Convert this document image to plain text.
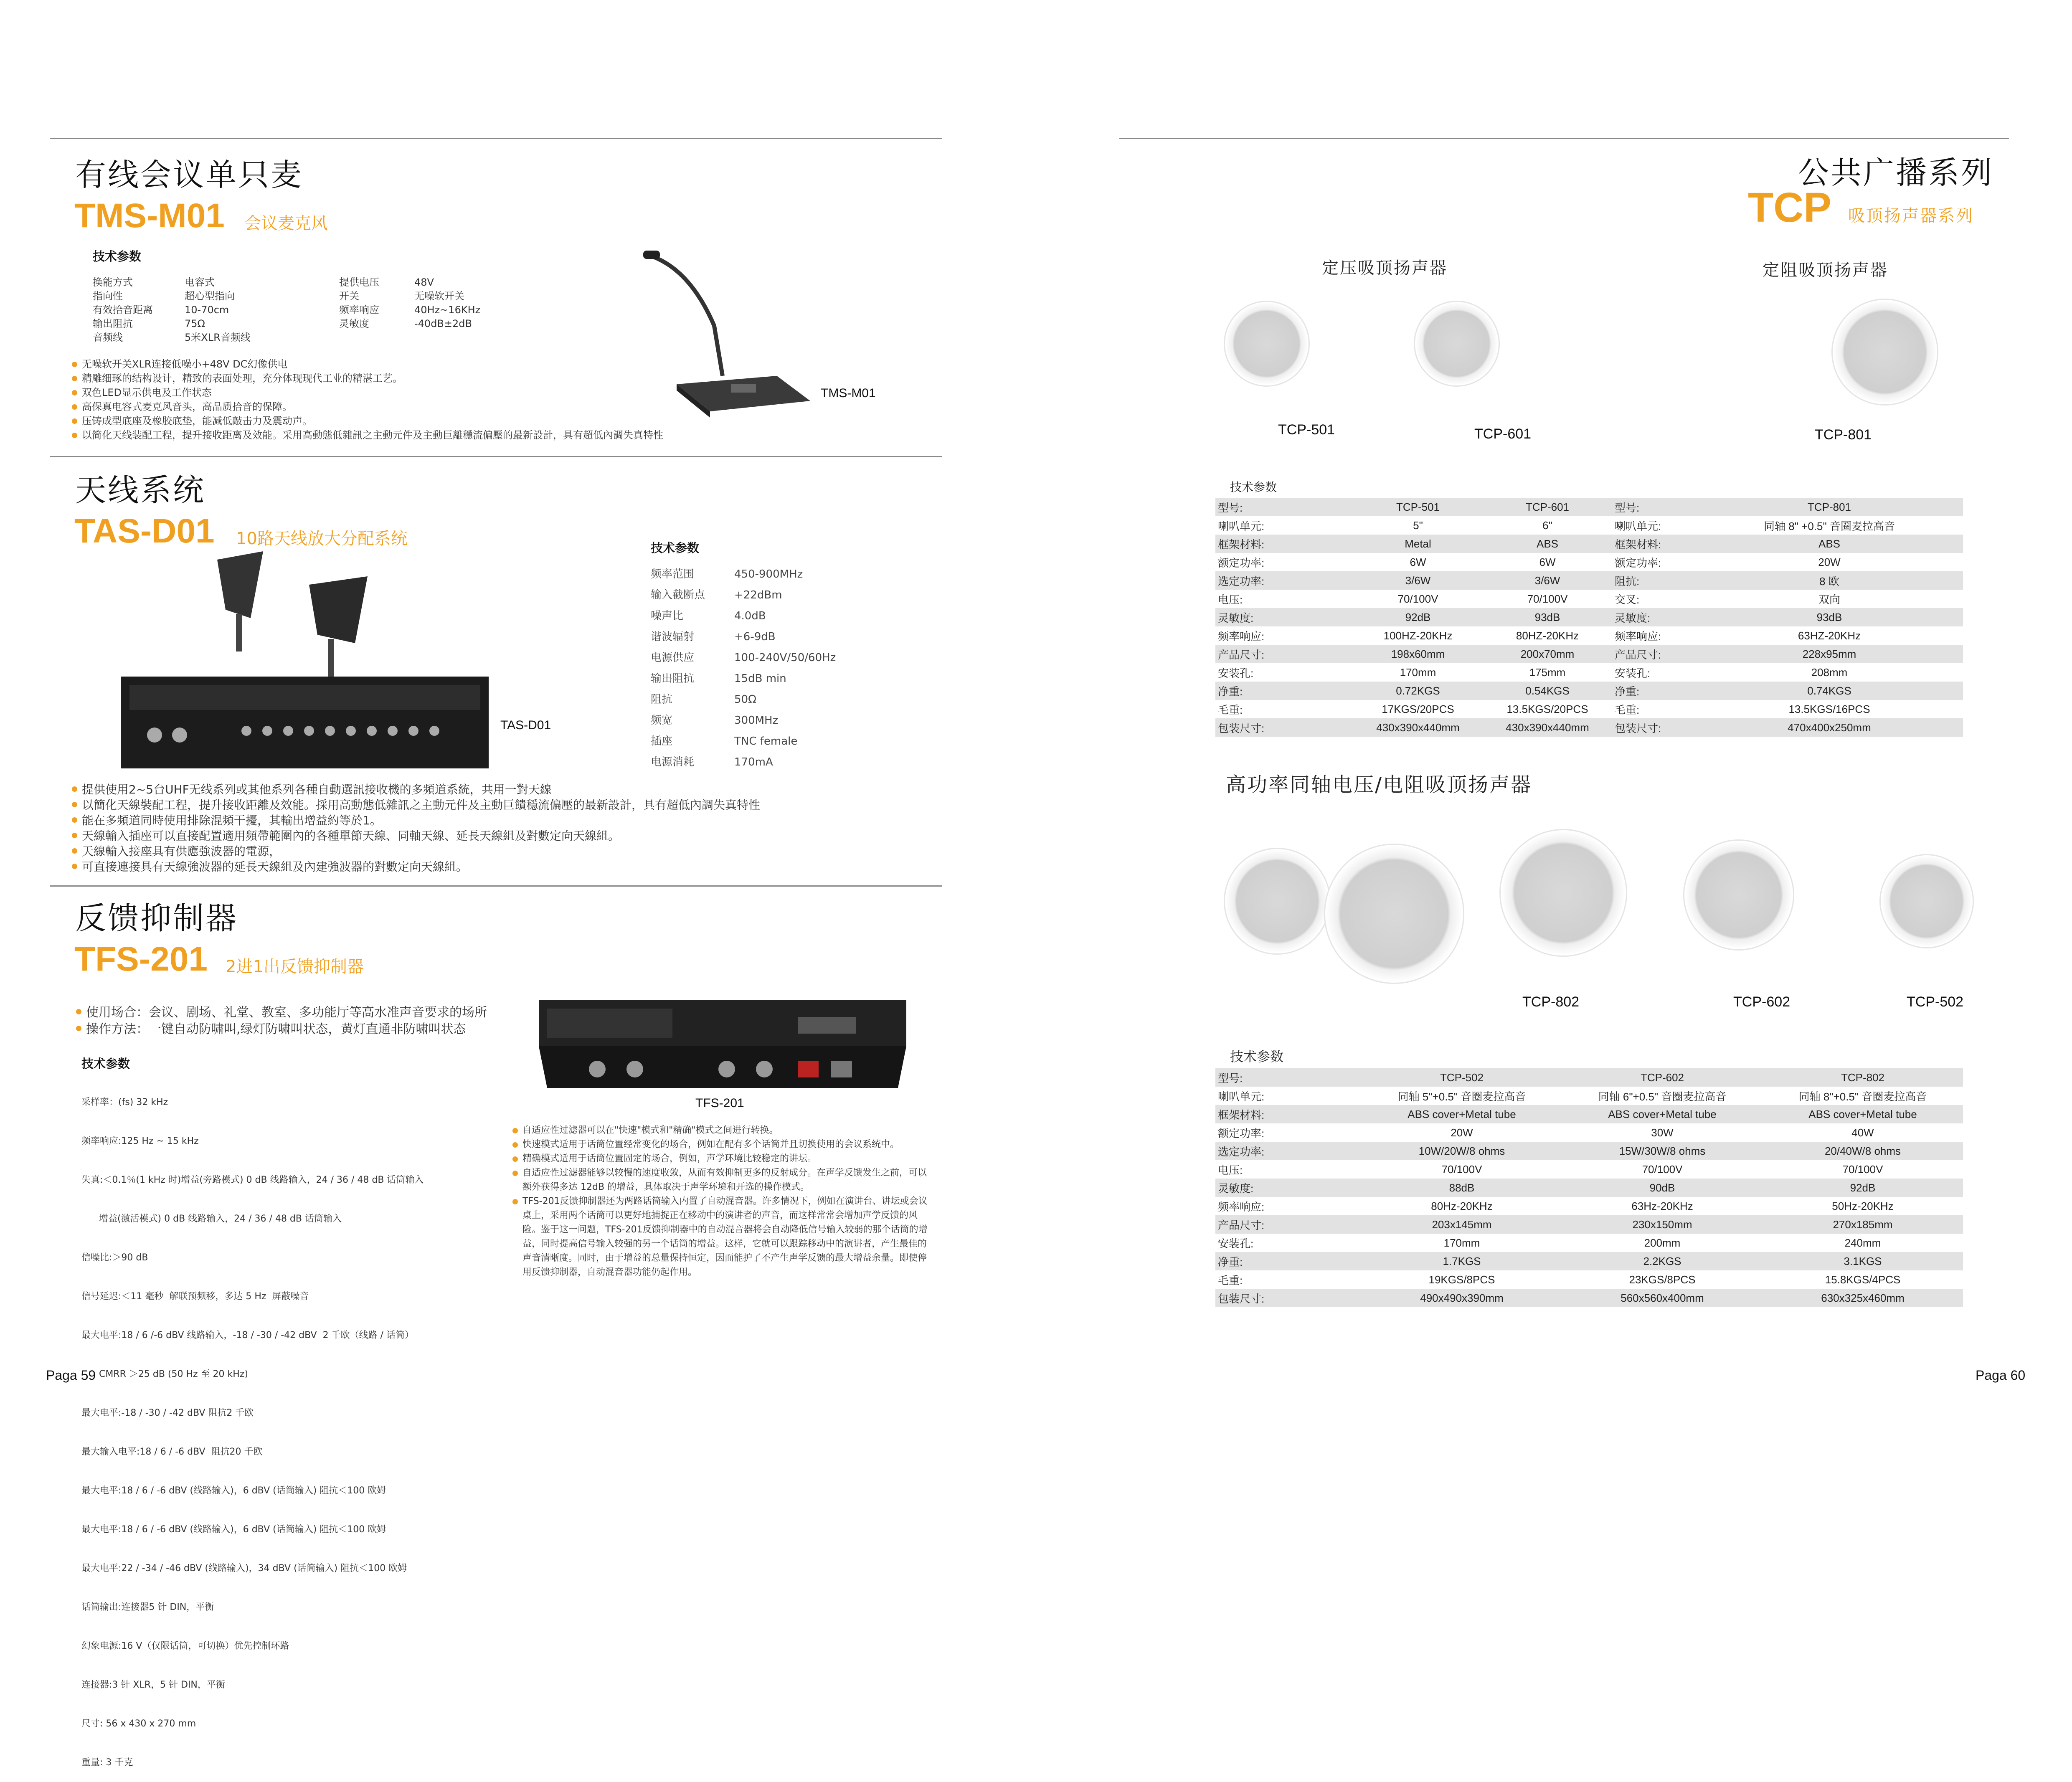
有线会议单只麦
TMS-M01 会议麦克风
技术参数
换能方式	电容式	提供电压	48V
指向性	超心型指向	开关	无噪软开关
有效拾音距离	10-70cm	频率响应	40Hz~16KHz
输出阻抗	75Ω	灵敏度	-40dB±2dB
音频线	5米XLR音频线
无噪软开关XLR连接低噪小+48V DC幻像供电
精雕细琢的结构设计，精致的表面处理，充分体现现代工业的精湛工艺。
双色LED显示供电及工作状态
高保真电容式麦克风音头，高品质拾音的保障。
压铸成型底座及橡胶底垫，能减低敲击力及震动声。
以简化天线装配工程，提升接收距离及效能。采用高動態低雜訊之主動元件及主動巨離穩流偏壓的最新設計，具有超低內調失真特性
TMS-M01
天线系统
TAS-D01 10路天线放大分配系统
TAS-D01
技术参数
频率范围	450-900MHz
输入截断点	+22dBm
噪声比	4.0dB
谐波辐射	+6-9dB
电源供应	100-240V/50/60Hz
输出阻抗	15dB min
阻抗	50Ω
频宽	300MHz
插座	TNC female
电源消耗	170mA
提供使用2~5台UHF无线系列或其他系列各種自動選訊接收機的多頻道系統，共用一對天線
以簡化天線裝配工程，提升接收距離及效能。採用高動態低雜訊之主動元件及主動巨饋穩流偏壓的最新設計，具有超低內調失真特性
能在多頻道同時使用排除混頻干擾，其輸出增益約等於1。
天線輸入插座可以直接配置適用頻帶範圍內的各種單節天線、同軸天線、延長天線組及對數定向天線組。
天線輸入接座具有供應強波器的電源，
可直接連接具有天線強波器的延長天線組及內建強波器的對數定向天線組。
反馈抑制器
TFS-201 2进1出反馈抑制器
使用场合：会议、剧场、礼堂、教室、多功能厅等高水准声音要求的场所
操作方法：一键自动防啸叫,绿灯防啸叫状态，黄灯直通非防啸叫状态
技术参数

采样率：(fs) 32 kHz

频率响应:125 Hz ~ 15 kHz

失真:＜0.1％(1 kHz 时)增益(旁路模式) 0 dB 线路输入，24 / 36 / 48 dB 话筒输入

增益(激活模式) 0 dB 线路输入，24 / 36 / 48 dB 话筒输入

信噪比:＞90 dB

信号延迟:＜11 毫秒  解联预频移，多达 5 Hz  屏蔽噪音

最大电平:18 / 6 /-6 dBV 线路输入，-18 / -30 / -42 dBV  2 千欧（线路 / 话筒）

CMRR ＞25 dB (50 Hz 至 20 kHz)

最大电平:-18 / -30 / -42 dBV 阻抗2 千欧

最大输入电平:18 / 6 / -6 dBV  阻抗20 千欧

最大电平:18 / 6 / -6 dBV (线路输入)，6 dBV (话筒输入) 阻抗＜100 欧姆

最大电平:18 / 6 / -6 dBV (线路输入)，6 dBV (话筒输入) 阻抗＜100 欧姆

最大电平:22 / -34 / -46 dBV (线路输入)，34 dBV (话筒输入) 阻抗＜100 欧姆

话筒输出:连接器5 针 DIN，平衡

幻象电源:16 V（仅限话筒，可切换）优先控制环路

连接器:3 针 XLR，5 针 DIN，平衡

尺寸: 56 x 430 x 270 mm

重量: 3 千克

TFS-201
自适应性过滤器可以在"快速"模式和"精确"模式之间进行转换。
快速模式适用于话筒位置经常变化的场合，例如在配有多个话筒并且切换使用的会议系统中。
精确模式适用于话筒位置固定的场合，例如，声学环境比较稳定的讲坛。
自适应性过滤器能够以较慢的速度收敛，从而有效抑制更多的反射成分。在声学反馈发生之前，可以额外获得多达 12dB 的增益，具体取决于声学环境和开选的操作模式。
TFS-201反馈抑制器还为两路话筒输入内置了自动混音器。许多情况下，例如在演讲台、讲坛或会议桌上，采用两个话筒可以更好地捕捉正在移动中的演讲者的声音，而这样常常会增加声学反馈的风险。鉴于这一问题，TFS-201反馈抑制器中的自动混音器将会自动降低信号输入较弱的那个话筒的增益，同时提高信号输入较强的另一个话筒的增益。这样，它就可以跟踪移动中的演讲者，产生最佳的声音清晰度。同时，由于增益的总量保持恒定，因而能护了不产生声学反馈的最大增益余量。即使停用反馈抑制器，自动混音器功能仍起作用。
Paga 59
公共广播系列
TCP 吸顶扬声器系列
定压吸顶扬声器	定阻吸顶扬声器
TCP-501	TCP-601	TCP-801
技术参数
型号:	TCP-501	TCP-601	型号:	TCP-801
喇叭单元:	5"	6"	喇叭单元:	同轴 8" +0.5" 音圈麦拉高音
框架材料:	Metal	ABS	框架材料:	ABS
额定功率:	6W	6W	额定功率:	20W
选定功率:	3/6W	3/6W	阻抗:	8 欧
电压:	70/100V	70/100V	交叉:	双向
灵敏度:	92dB	93dB	灵敏度:	93dB
频率响应:	100HZ-20KHz	80HZ-20KHz	频率响应:	63HZ-20KHz
产品尺寸:	198x60mm	200x70mm	产品尺寸:	228x95mm
安装孔:	170mm	175mm	安装孔:	208mm
净重:	0.72KGS	0.54KGS	净重:	0.74KGS
毛重:	17KGS/20PCS	13.5KGS/20PCS	毛重:	13.5KGS/16PCS
包装尺寸:	430x390x440mm	430x390x440mm	包装尺寸:	470x400x250mm
高功率同轴电压/电阻吸顶扬声器
TCP-802	TCP-602	TCP-502
技术参数
型号:	TCP-502	TCP-602	TCP-802
喇叭单元:	同轴 5"+0.5" 音圈麦拉高音	同轴 6"+0.5" 音圈麦拉高音	同轴 8"+0.5" 音圈麦拉高音
框架材料:	ABS cover+Metal tube	ABS cover+Metal tube	ABS cover+Metal tube
额定功率:	20W	30W	40W
选定功率:	10W/20W/8 ohms	15W/30W/8 ohms	20/40W/8 ohms
电压:	70/100V	70/100V	70/100V
灵敏度:	88dB	90dB	92dB
频率响应:	80Hz-20KHz	63Hz-20KHz	50Hz-20KHz
产品尺寸:	203x145mm	230x150mm	270x185mm
安装孔:	170mm	200mm	240mm
净重:	1.7KGS	2.2KGS	3.1KGS
毛重:	19KGS/8PCS	23KGS/8PCS	15.8KGS/4PCS
包装尺寸:	490x490x390mm	560x560x400mm	630x325x460mm
Paga 60
